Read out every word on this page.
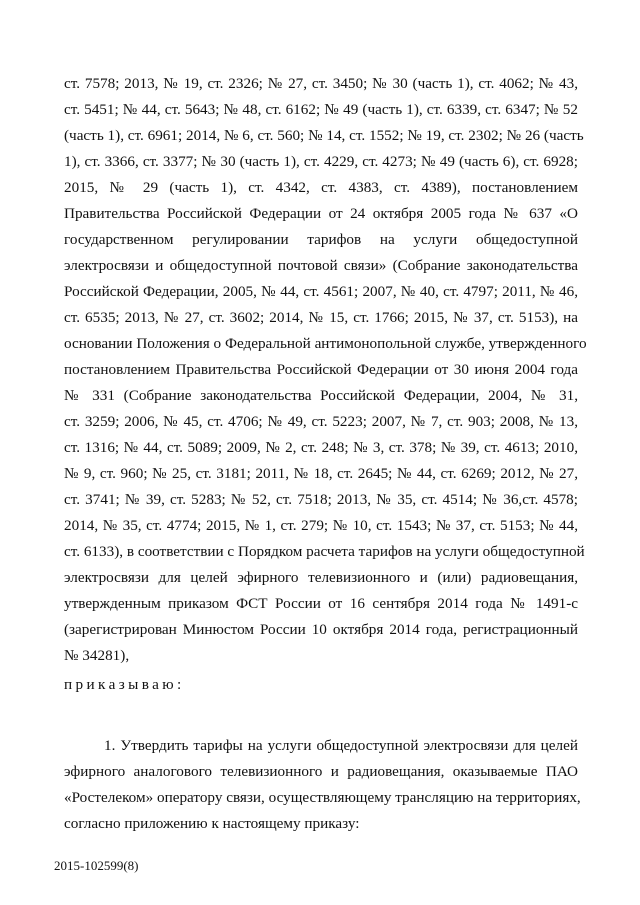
ст. 7578; 2013, № 19, ст. 2326; № 27, ст. 3450; № 30 (часть 1), ст. 4062; № 43,
ст. 5451; № 44, ст. 5643; № 48, ст. 6162; № 49 (часть 1), ст. 6339, ст. 6347; № 52
(часть 1), ст. 6961; 2014, № 6, ст. 560; № 14, ст. 1552; № 19, ст. 2302; № 26 (часть
1), ст. 3366, ст. 3377; № 30 (часть 1), ст. 4229, ст. 4273; № 49 (часть 6), ст. 6928;
2015, № 29 (часть 1), ст. 4342, ст. 4383, ст. 4389), постановлением
Правительства Российской Федерации от 24 октября 2005 года № 637 «О
государственном регулировании тарифов на услуги общедоступной
электросвязи и общедоступной почтовой связи» (Собрание законодательства
Российской Федерации, 2005, № 44, ст. 4561; 2007, № 40, ст. 4797; 2011, № 46,
ст. 6535; 2013, № 27, ст. 3602; 2014, № 15, ст. 1766; 2015, № 37, ст. 5153), на
основании Положения о Федеральной антимонопольной службе, утвержденного
постановлением Правительства Российской Федерации от 30 июня 2004 года
№ 331 (Собрание законодательства Российской Федерации, 2004, № 31,
ст. 3259; 2006, № 45, ст. 4706; № 49, ст. 5223; 2007, № 7, ст. 903; 2008, № 13,
ст. 1316; № 44, ст. 5089; 2009, № 2, ст. 248; № 3, ст. 378; № 39, ст. 4613; 2010,
№ 9, ст. 960; № 25, ст. 3181; 2011, № 18, ст. 2645; № 44, ст. 6269; 2012, № 27,
ст. 3741; № 39, ст. 5283; № 52, ст. 7518; 2013, № 35, ст. 4514; № 36,ст. 4578;
2014, № 35, ст. 4774; 2015, № 1, ст. 279; № 10, ст. 1543; № 37, ст. 5153; № 44,
ст. 6133), в соответствии с Порядком расчета тарифов на услуги общедоступной
электросвязи для целей эфирного телевизионного и (или) радиовещания,
утвержденным приказом ФСТ России от 16 сентября 2014 года № 1491-с
(зарегистрирован Минюстом России 10 октября 2014 года, регистрационный
№ 34281),
приказываю:
1. Утвердить тарифы на услуги общедоступной электросвязи для целей
эфирного аналогового телевизионного и радиовещания, оказываемые ПАО
«Ростелеком» оператору связи, осуществляющему трансляцию на территориях,
согласно приложению к настоящему приказу:
2015-102599(8)
